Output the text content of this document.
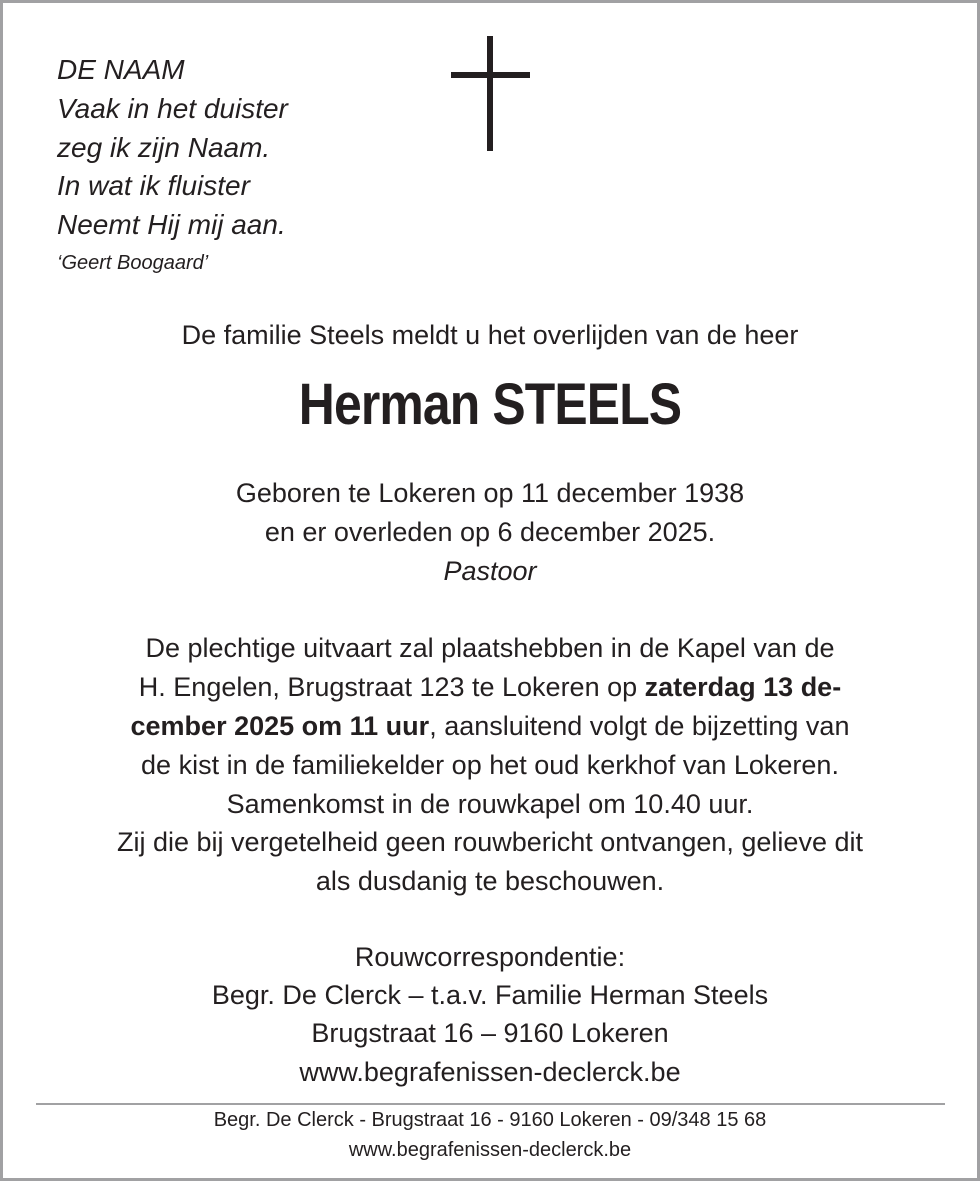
DE NAAM
Vaak in het duister
zeg ik zijn Naam.
In wat ik fluister
Neemt Hij mij aan.
‘Geert Boogaard’
De familie Steels meldt u het overlijden van de heer
Herman STEELS
Geboren te Lokeren op 11 december 1938
en er overleden op 6 december 2025.
Pastoor
De plechtige uitvaart zal plaatshebben in de Kapel van de
H. Engelen, Brugstraat 123 te Lokeren op zaterdag 13 de-
cember 2025 om 11 uur, aansluitend volgt de bijzetting van
de kist in de familiekelder op het oud kerkhof van Lokeren.
Samenkomst in de rouwkapel om 10.40 uur.
Zij die bij vergetelheid geen rouwbericht ontvangen, gelieve dit
als dusdanig te beschouwen.
Rouwcorrespondentie:
Begr. De Clerck – t.a.v. Familie Herman Steels
Brugstraat 16 – 9160 Lokeren
www.begrafenissen-declerck.be
Begr. De Clerck - Brugstraat 16 - 9160 Lokeren - 09/348 15 68
www.begrafenissen-declerck.be
